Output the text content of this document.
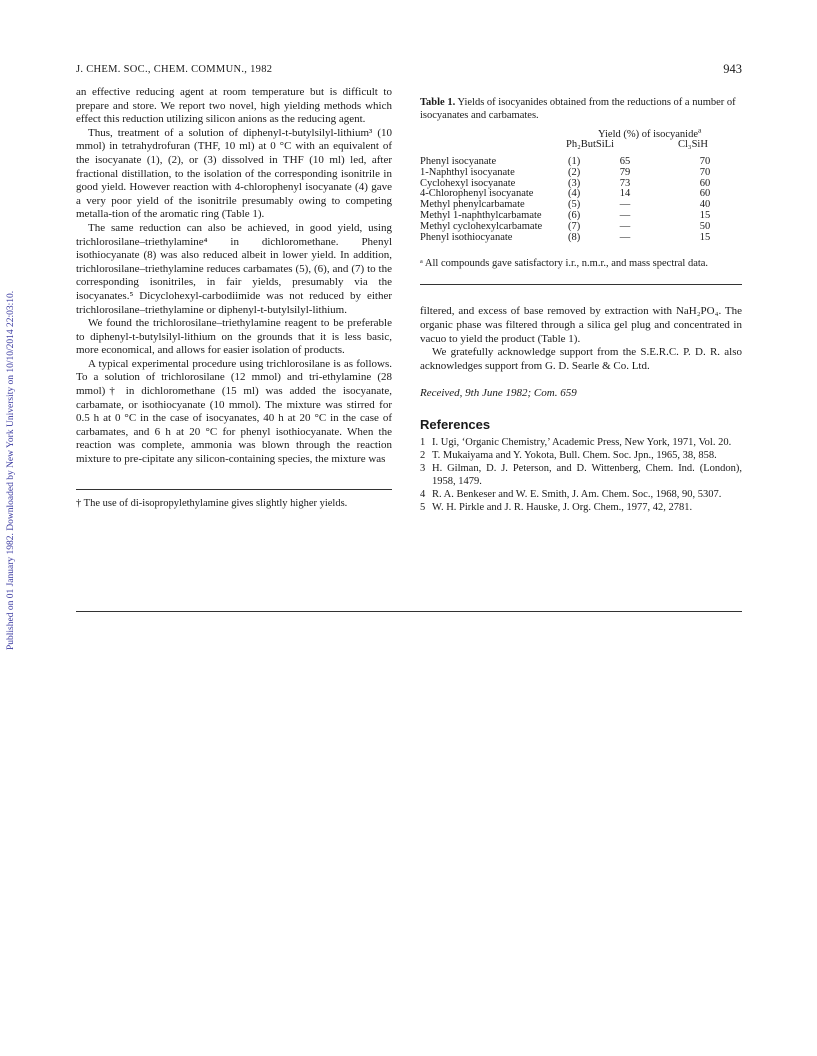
Published on 01 January 1982. Downloaded by New York University on 10/10/2014 22:03:10.
J. CHEM. SOC., CHEM. COMMUN., 1982	943

an effective reducing agent at room temperature but is difficult to prepare and store. We report two novel, high yielding methods which effect this reduction utilizing silicon anions as the reducing agent.

Thus, treatment of a solution of diphenyl-t-butylsilyl-lithium³ (10 mmol) in tetrahydrofuran (THF, 10 ml) at 0 °C with an equivalent of the isocyanate (1), (2), or (3) dissolved in THF (10 ml) led, after fractional distillation, to the isolation of the corresponding isonitrile in good yield. However reaction with 4-chlorophenyl isocyanate (4) gave a very poor yield of the isonitrile presumably owing to competing metalla-tion of the aromatic ring (Table 1).

The same reduction can also be achieved, in good yield, using trichlorosilane–triethylamine⁴ in dichloromethane. Phenyl isothiocyanate (8) was also reduced albeit in lower yield. In addition, trichlorosilane–triethylamine reduces carbamates (5), (6), and (7) to the corresponding isonitriles, in fair yields, presumably via the isocyanates.⁵ Dicyclohexyl-carbodiimide was not reduced by either trichlorosilane–triethylamine or diphenyl-t-butylsilyl-lithium.

We found the trichlorosilane–triethylamine reagent to be preferable to diphenyl-t-butylsilyl-lithium on the grounds that it is less basic, more economical, and allows for easier isolation of products.

A typical experimental procedure using trichlorosilane is as follows. To a solution of trichlorosilane (12 mmol) and tri-ethylamine (28 mmol)† in dichloromethane (15 ml) was added the isocyanate, carbamate, or isothiocyanate (10 mmol). The mixture was stirred for 0.5 h at 0 °C in the case of isocyanates, 40 h at 20 °C in the case of carbamates, and 6 h at 20 °C for phenyl isothiocyanate. When the reaction was complete, ammonia was blown through the reaction mixture to pre-cipitate any silicon-containing species, the mixture was

† The use of di-isopropylethylamine gives slightly higher yields.
Table 1. Yields of isocyanides obtained from the reductions of a number of isocyanates and carbamates.
Yield (%) of isocyanide$^a$
Ph₂ButSiLi	Cl₃SiH
Phenyl isocyanate	(1)	65	70
1-Naphthyl isocyanate	(2)	79	70
Cyclohexyl isocyanate	(3)	73	60
4-Chlorophenyl isocyanate	(4)	14	60
Methyl phenylcarbamate	(5)	—	40
Methyl 1-naphthylcarbamate	(6)	—	15
Methyl cyclohexylcarbamate (7)	—	50
Phenyl isothiocyanate	(8)	—	15
ᵃ All compounds gave satisfactory i.r., n.m.r., and mass spectral data.

filtered, and excess of base removed by extraction with NaH₂PO₄. The organic phase was filtered through a silica gel plug and concentrated in vacuo to yield the product (Table 1).

We gratefully acknowledge support from the S.E.R.C. P. D. R. also acknowledges support from G. D. Searle & Co. Ltd.

Received, 9th June 1982; Com. 659
References
1 I. Ugi, ‘Organic Chemistry,’ Academic Press, New York, 1971, Vol. 20.
2 T. Mukaiyama and Y. Yokota, Bull. Chem. Soc. Jpn., 1965, 38, 858.
3 H. Gilman, D. J. Peterson, and D. Wittenberg, Chem. Ind. (London), 1958, 1479.
4 R. A. Benkeser and W. E. Smith, J. Am. Chem. Soc., 1968, 90, 5307.
5 W. H. Pirkle and J. R. Hauske, J. Org. Chem., 1977, 42, 2781.
